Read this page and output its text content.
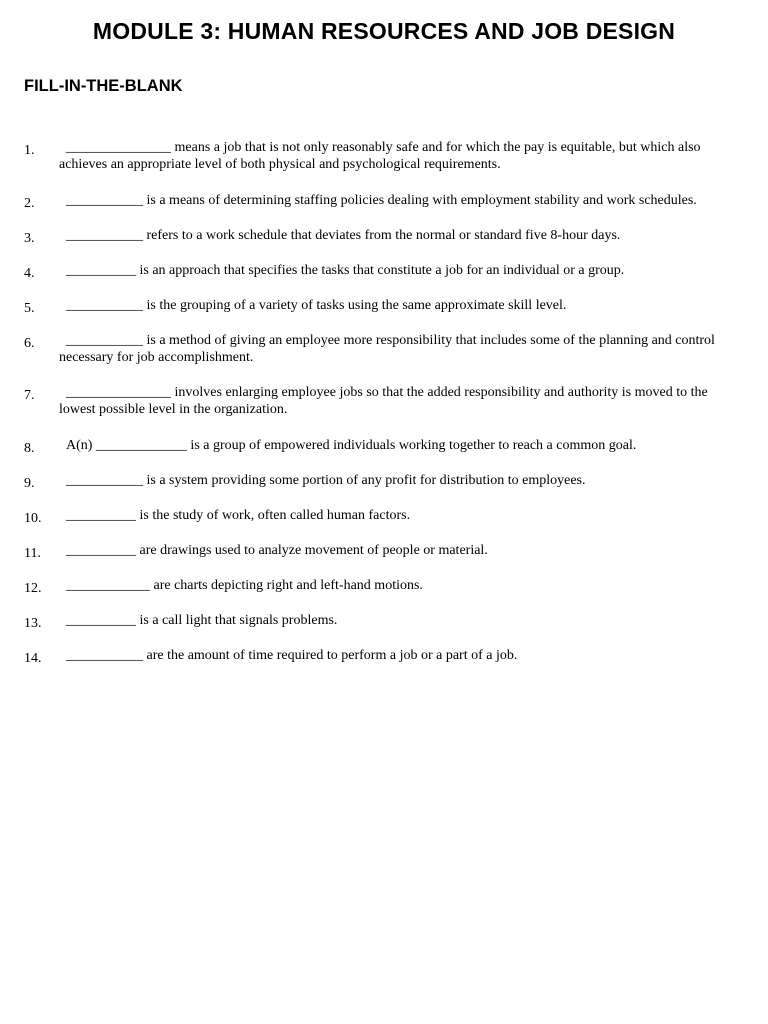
MODULE 3: HUMAN RESOURCES AND JOB DESIGN
FILL-IN-THE-BLANK
1.	_______________ means a job that is not only reasonably safe and for which the pay is equitable, but which also achieves an appropriate level of both physical and psychological requirements.
2.	___________ is a means of determining staffing policies dealing with employment stability and work schedules.
3.	___________ refers to a work schedule that deviates from the normal or standard five 8-hour days.
4.	__________ is an approach that specifies the tasks that constitute a job for an individual or a group.
5.	___________ is the grouping of a variety of tasks using the same approximate skill level.
6.	___________ is a method of giving an employee more responsibility that includes some of the planning and control necessary for job accomplishment.
7.	_______________ involves enlarging employee jobs so that the added responsibility and authority is moved to the lowest possible level in the organization.
8.	A(n) _____________ is a group of empowered individuals working together to reach a common goal.
9.	___________ is a system providing some portion of any profit for distribution to employees.
10.	__________ is the study of work, often called human factors.
11.	__________ are drawings used to analyze movement of people or material.
12.	____________ are charts depicting right and left-hand motions.
13.	__________ is a call light that signals problems.
14.	___________ are the amount of time required to perform a job or a part of a job.
